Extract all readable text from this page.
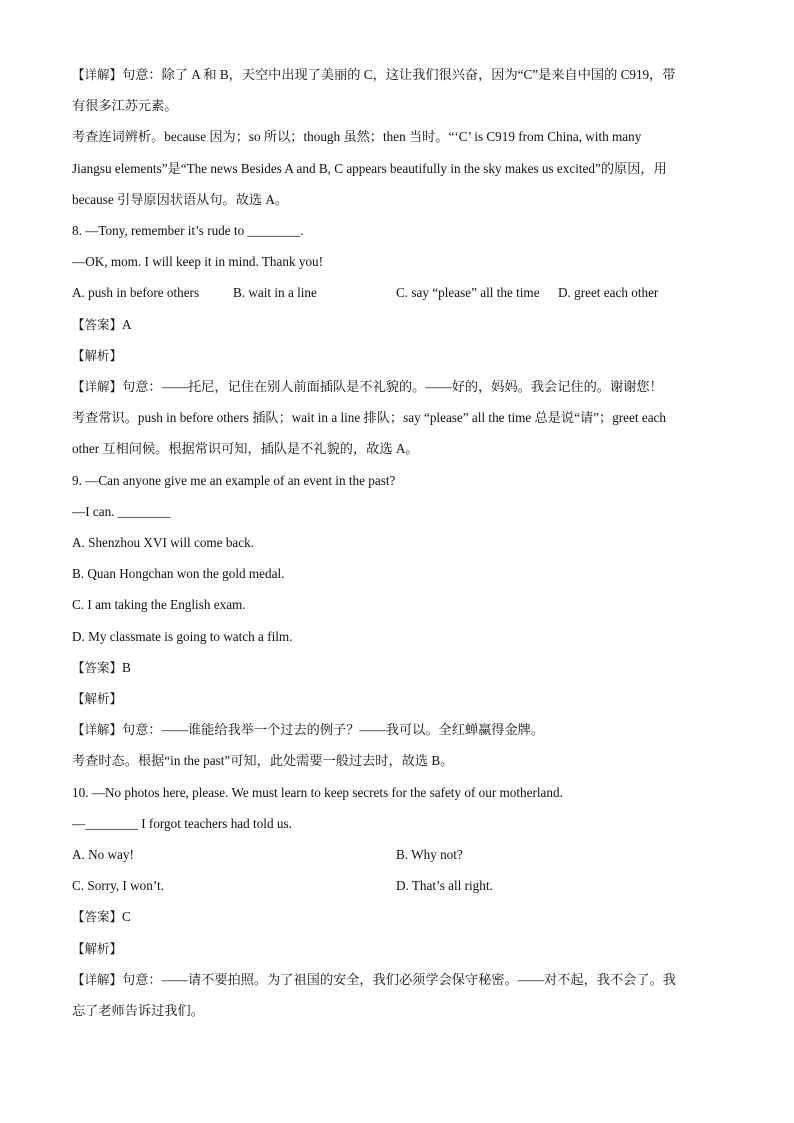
【详解】句意：除了 A 和 B，天空中出现了美丽的 C，这让我们很兴奋，因为“C”是来自中国的 C919，带
有很多江苏元素。
考查连词辨析。because 因为；so 所以；though 虽然；then 当时。“‘C’ is C919 from China, with many
Jiangsu elements”是“The news Besides A and B, C appears beautifully in the sky makes us excited”的原因，用
because 引导原因状语从句。故选 A。
8. —Tony, remember it’s rude to ________.
—OK, mom. I will keep it in mind. Thank you!
A. push in before others	B. wait in a line	C. say “please” all the time D. greet each other
【答案】A
【解析】
【详解】句意：——托尼，记住在别人前面插队是不礼貌的。——好的，妈妈。我会记住的。谢谢您！
考查常识。push in before others 插队；wait in a line 排队；say “please” all the time 总是说“请”；greet each
other 互相问候。根据常识可知，插队是不礼貌的，故选 A。
9. —Can anyone give me an example of an event in the past?
—I can. ________
A. Shenzhou XVI will come back.
B. Quan Hongchan won the gold medal.
C. I am taking the English exam.
D. My classmate is going to watch a film.
【答案】B
【解析】
【详解】句意：——谁能给我举一个过去的例子？——我可以。全红蝉赢得金牌。
考查时态。根据“in the past”可知，此处需要一般过去时，故选 B。
10. —No photos here, please. We must learn to keep secrets for the safety of our motherland.
—________ I forgot teachers had told us.
A. No way!	B. Why not?
C. Sorry, I won’t.	D. That’s all right.
【答案】C
【解析】
【详解】句意：——请不要拍照。为了祖国的安全，我们必须学会保守秘密。——对不起，我不会了。我
忘了老师告诉过我们。
